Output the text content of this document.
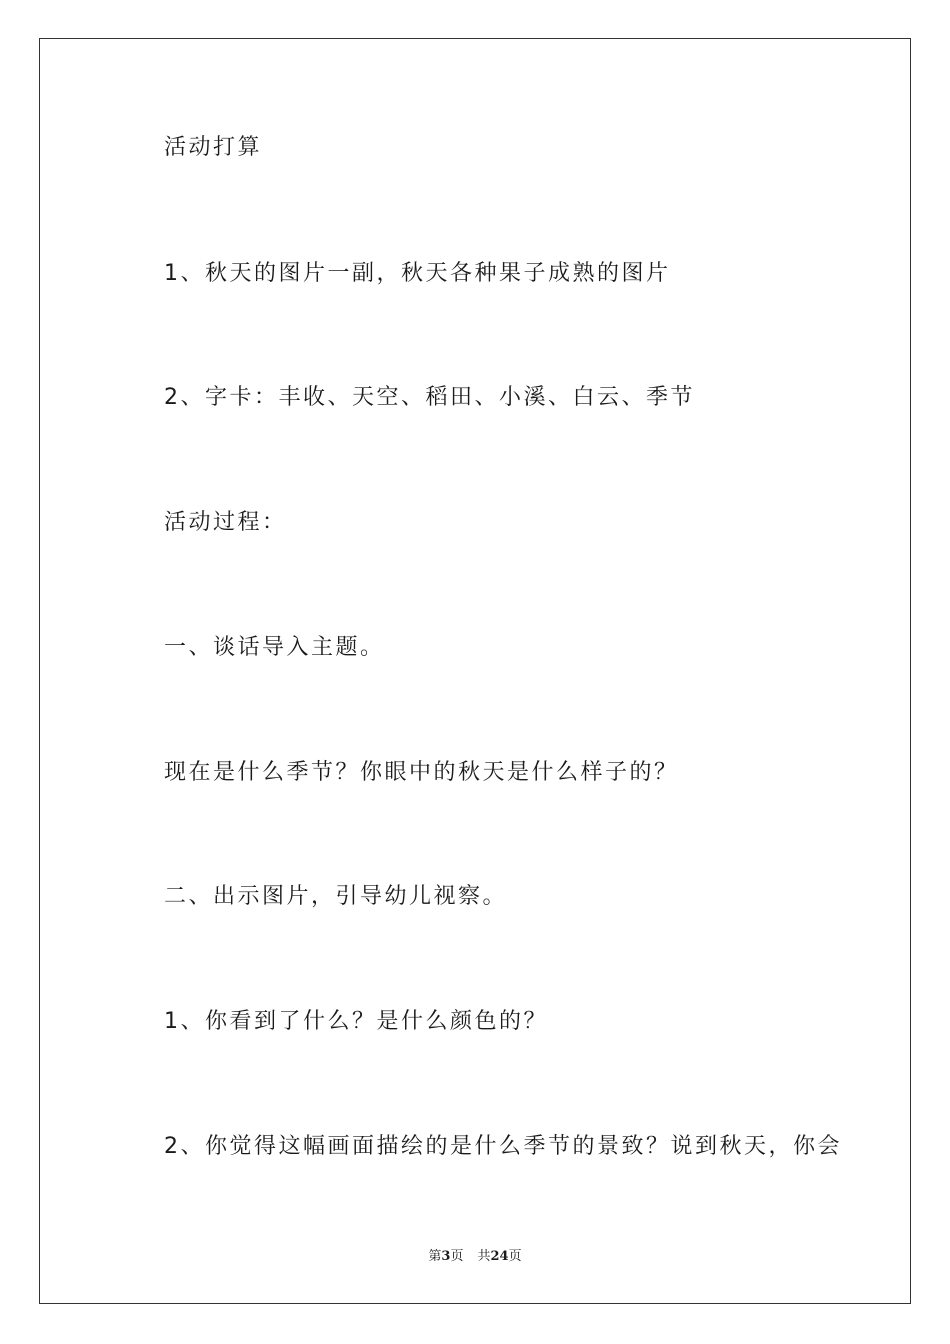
活动打算

1、秋天的图片一副，秋天各种果子成熟的图片

2、字卡：丰收、天空、稻田、小溪、白云、季节

活动过程：

一、谈话导入主题。

现在是什么季节？你眼中的秋天是什么样子的？

二、出示图片，引导幼儿视察。

1、你看到了什么？是什么颜色的？

2、你觉得这幅画面描绘的是什么季节的景致？说到秋天，你会

第3页 共24页
